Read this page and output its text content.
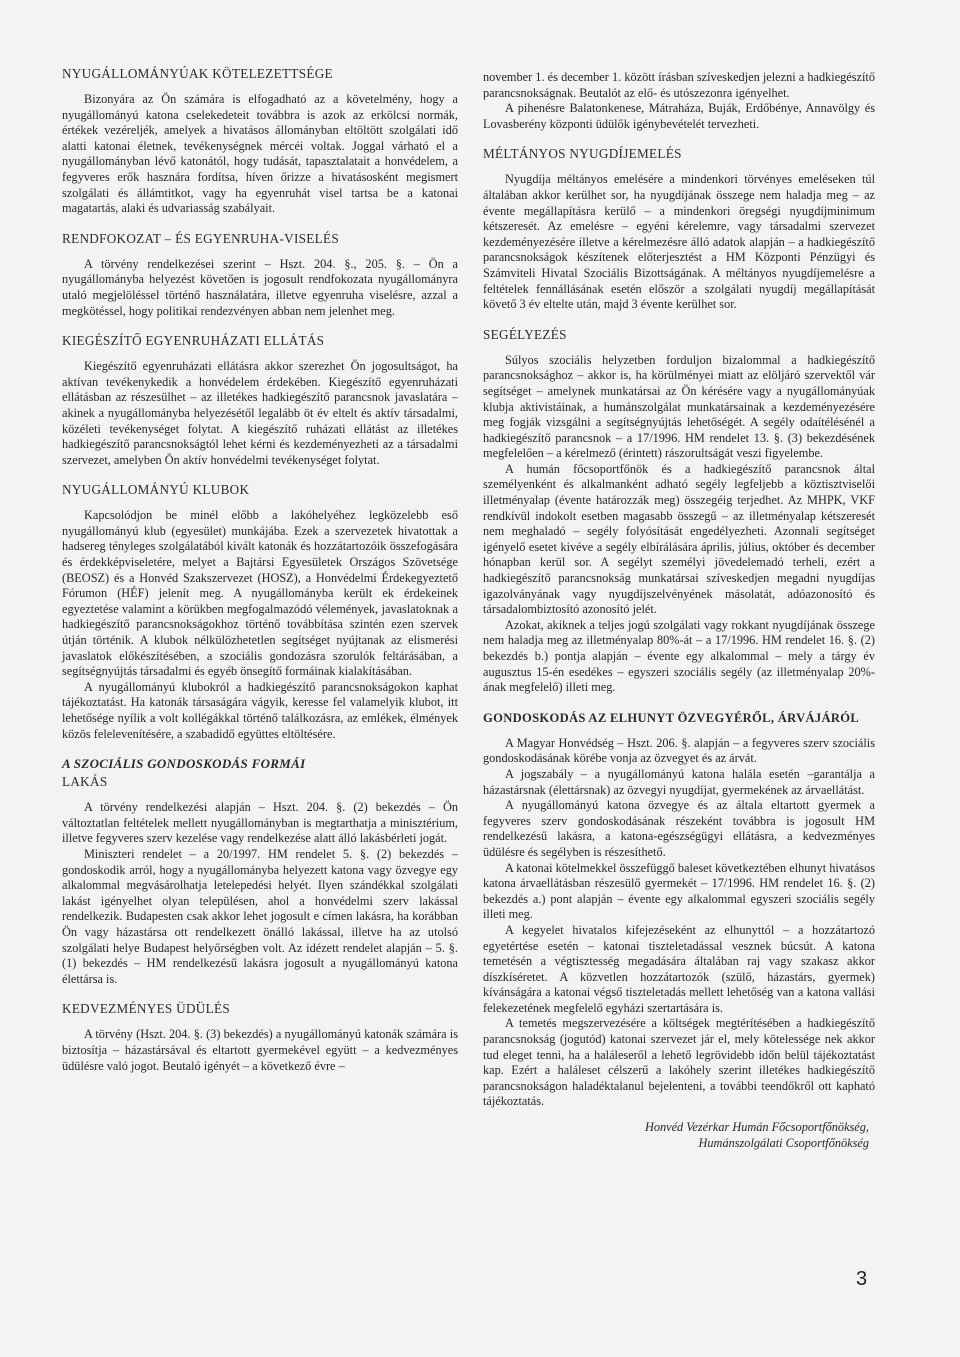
NYUGÁLLOMÁNYÚAK KÖTELEZETTSÉGE

Bizonyára az Ön számára is elfogadható az a követelmény, hogy a nyugállományú katona cselekedeteit továbbra is azok az erkölcsi normák, értékek vezéreljék, amelyek a hivatásos állományban eltöltött szolgálati idő alatti katonai életnek, tevékenységnek mércéi voltak. Joggal várható el a nyugállományban lévő katonától, hogy tudását, tapasztalatait a honvédelem, a fegyveres erők hasznára fordítsa, híven őrizze a hivatásosként megismert szolgálati és állámtitkot, vagy ha egyenruhát visel tartsa be a katonai magatartás, alaki és udvariasság szabályait.

RENDFOKOZAT – ÉS EGYENRUHA-VISELÉS

A törvény rendelkezései szerint – Hszt. 204. §., 205. §. – Ön a nyugállományba helyezést követően is jogosult rendfokozata nyugállományra utaló megjelöléssel történő használatára, illetve egyenruha viselésre, azzal a megkötéssel, hogy politikai rendezvényen abban nem jelenhet meg.

KIEGÉSZÍTŐ EGYENRUHÁZATI ELLÁTÁS

Kiegészítő egyenruházati ellátásra akkor szerezhet Ön jogosultságot, ha aktívan tevékenykedik a honvédelem érdekében. Kiegészítő egyenruházati ellátásban az részesülhet – az illetékes hadkiegészítő parancsnok javaslatára – akinek a nyugállományba helyezésétől legalább öt év eltelt és aktív társadalmi, közéleti tevékenységet folytat. A kiegészítő ruházati ellátást az illetékes hadkiegészítő parancsnokságtól lehet kérni és kezdeményezheti az a társadalmi szervezet, amelyben Ön aktív honvédelmi tevékenységet folytat.

NYUGÁLLOMÁNYÚ KLUBOK

Kapcsolódjon be minél előbb a lakóhelyéhez legközelebb eső nyugállományú klub (egyesület) munkájába. Ezek a szervezetek hivatottak a hadsereg tényleges szolgálatából kivált katonák és hozzátartozóik összefogására és érdekképviseletére, melyet a Bajtársi Egyesületek Országos Szövetsége (BEOSZ) és a Honvéd Szakszervezet (HOSZ), a Honvédelmi Érdekegyeztető Fórumon (HÉF) jelenít meg. A nyugállományba került ek érdekeinek egyeztetése valamint a körükben megfogalmazódó vélemények, javaslatoknak a hadkiegészítő parancsnokságokhoz történő továbbítása szintén ezen szervek útján történik. A klubok nélkülözhetetlen segítséget nyújtanak az elismerési javaslatok előkészítésében, a szociális gondozásra szorulók feltárásában, a segítségnyújtás társadalmi és egyéb önsegítő formáinak kialakításában.

A nyugállományú klubokról a hadkiegészítő parancsnokságokon kaphat tájékoztatást. Ha katonák társaságára vágyik, keresse fel valamelyik klubot, itt lehetősége nyílik a volt kollégákkal történő találkozásra, az emlékek, élmények közös felelevenítésére, a szabadidő együttes eltöltésére.

A SZOCIÁLIS GONDOSKODÁS FORMÁI
LAKÁS

A törvény rendelkezési alapján – Hszt. 204. §. (2) bekezdés – Ön változtatlan feltételek mellett nyugállományban is megtarthatja a minisztérium, illetve fegyveres szerv kezelése vagy rendelkezése alatt álló lakásbérleti jogát.

Miniszteri rendelet – a 20/1997. HM rendelet 5. §. (2) bekezdés – gondoskodik arról, hogy a nyugállományba helyezett katona vagy özvegye egy alkalommal megvásárolhatja letelepedési helyét. Ilyen szándékkal szolgálati lakást igényelhet olyan településen, ahol a honvédelmi szerv lakással rendelkezik. Budapesten csak akkor lehet jogosult e címen lakásra, ha korábban Ön vagy házastársa ott rendelkezett önálló lakással, illetve ha az utolsó szolgálati helye Budapest helyőrségben volt. Az idézett rendelet alapján – 5. §. (1) bekezdés – HM rendelkezésű lakásra jogosult a nyugállományú katona élettársa is.

KEDVEZMÉNYES ÜDÜLÉS

A törvény (Hszt. 204. §. (3) bekezdés) a nyugállományú katonák számára is biztosítja – házastársával és eltartott gyermekével együtt – a kedvezményes üdülésre való jogot. Beutaló igényét – a következő évre –

november 1. és december 1. között írásban szíveskedjen jelezni a hadkiegészítő parancsnokságnak. Beutalót az elő- és utószezonra igényelhet.

A pihenésre Balatonkenese, Mátraháza, Buják, Erdőbénye, Annavölgy és Lovasberény központi üdülők igénybevételét tervezheti.

MÉLTÁNYOS NYUGDÍJEMELÉS

Nyugdíja méltányos emelésére a mindenkori törvényes emeléseken túl általában akkor kerülhet sor, ha nyugdíjának összege nem haladja meg – az évente megállapításra kerülő – a mindenkori öregségi nyugdíjminimum kétszeresét. Az emelésre – egyéni kérelemre, vagy társadalmi szervezet kezdeményezésére illetve a kérelmezésre álló adatok alapján – a hadkiegészítő parancsnokságok készítenek előterjesztést a HM Központi Pénzügyi és Számviteli Hivatal Szociális Bizottságának. A méltányos nyugdíjemelésre a feltételek fennállásának esetén először a szolgálati nyugdíj megállapítását követő 3 év eltelte után, majd 3 évente kerülhet sor.

SEGÉLYEZÉS

Súlyos szociális helyzetben forduljon bizalommal a hadkiegészítő parancsnoksághoz – akkor is, ha körülményei miatt az elöljáró szervektől vár segítséget – amelynek munkatársai az Ön kérésére vagy a nyugállományúak klubja aktivistáinak, a humánszolgálat munkatársainak a kezdeményezésére meg fogják vizsgálni a segítségnyújtás lehetőségét. A segély odaítélésénél a hadkiegészítő parancsnok – a 17/1996. HM rendelet 13. §. (3) bekezdésének megfelelően – a kérelmező (érintett) rászorultságát veszi figyelembe.

A humán főcsoportfőnök és a hadkiegészítő parancsnok által személyenként és alkalmanként adható segély legfeljebb a köztisztviselői illetményalap (évente határozzák meg) összegéig terjedhet. Az MHPK, VKF rendkívül indokolt esetben magasabb összegű – az illetményalap kétszeresét nem meghaladó – segély folyósítását engedélyezheti. Azonnali segítséget igényelő esetet kivéve a segély elbírálására április, július, október és december hónapban kerül sor. A segélyt személyi jövedelemadó terheli, ezért a hadkiegészítő parancsnokság munkatársai szíveskedjen megadni nyugdíjas igazolványának vagy nyugdíjszelvényének másolatát, adóazonosító és társadalombiztosító azonosító jelét.

Azokat, akiknek a teljes jogú szolgálati vagy rokkant nyugdíjának összege nem haladja meg az illetményalap 80%-át – a 17/1996. HM rendelet 16. §. (2) bekezdés b.) pontja alapján – évente egy alkalommal – mely a tárgy év augusztus 15-én esedékes – egyszeri szociális segély (az illetményalap 20%-ának megfelelő) illeti meg.

GONDOSKODÁS AZ ELHUNYT ÖZVEGYÉRŐL, ÁRVÁJÁRÓL

A Magyar Honvédség – Hszt. 206. §. alapján – a fegyveres szerv szociális gondoskodásának körébe vonja az özvegyet és az árvát.

A jogszabály – a nyugállományú katona halála esetén –garantálja a házastársnak (élettársnak) az özvegyi nyugdíjat, gyermekének az árvaellátást.

A nyugállományú katona özvegye és az általa eltartott gyermek a fegyveres szerv gondoskodásának részeként továbbra is jogosult HM rendelkezésű lakásra, a katona-egészségügyi ellátásra, a kedvezményes üdülésre és segélyben is részesíthető.

A katonai kötelmekkel összefüggő baleset következtében elhunyt hivatásos katona árvaellátásban részesülő gyermekét – 17/1996. HM rendelet 16. §. (2) bekezdés a.) pont alapján – évente egy alkalommal egyszeri szociális segély illeti meg.

A kegyelet hivatalos kifejezéseként az elhunyttól – a hozzátartozó egyetértése esetén – katonai tiszteletadással vesznek búcsút. A katona temetésén a végtisztesség megadására általában raj vagy szakasz akkor díszkíséretet. A közvetlen hozzátartozók (szülő, házastárs, gyermek) kívánságára a katonai végső tiszteletadás mellett lehetőség van a katona vallási felekezetének megfelelő egyházi szertartására is.

A temetés megszervezésére a költségek megtérítésében a hadkiegészítő parancsnokság (jogutód) katonai szervezet jár el, mely kötelessége nek akkor tud eleget tenni, ha a haláleseről a lehető legrövidebb időn belül tájékoztatást kap. Ezért a haláleset célszerű a lakóhely szerint illetékes hadkiegészítő parancsnokságon haladéktalanul bejelenteni, a további teendőkről ott kapható tájékoztatás.

Honvéd Vezérkar Humán Főcsoportfőnökség,
Humánszolgálati Csoportfőnökség
3
